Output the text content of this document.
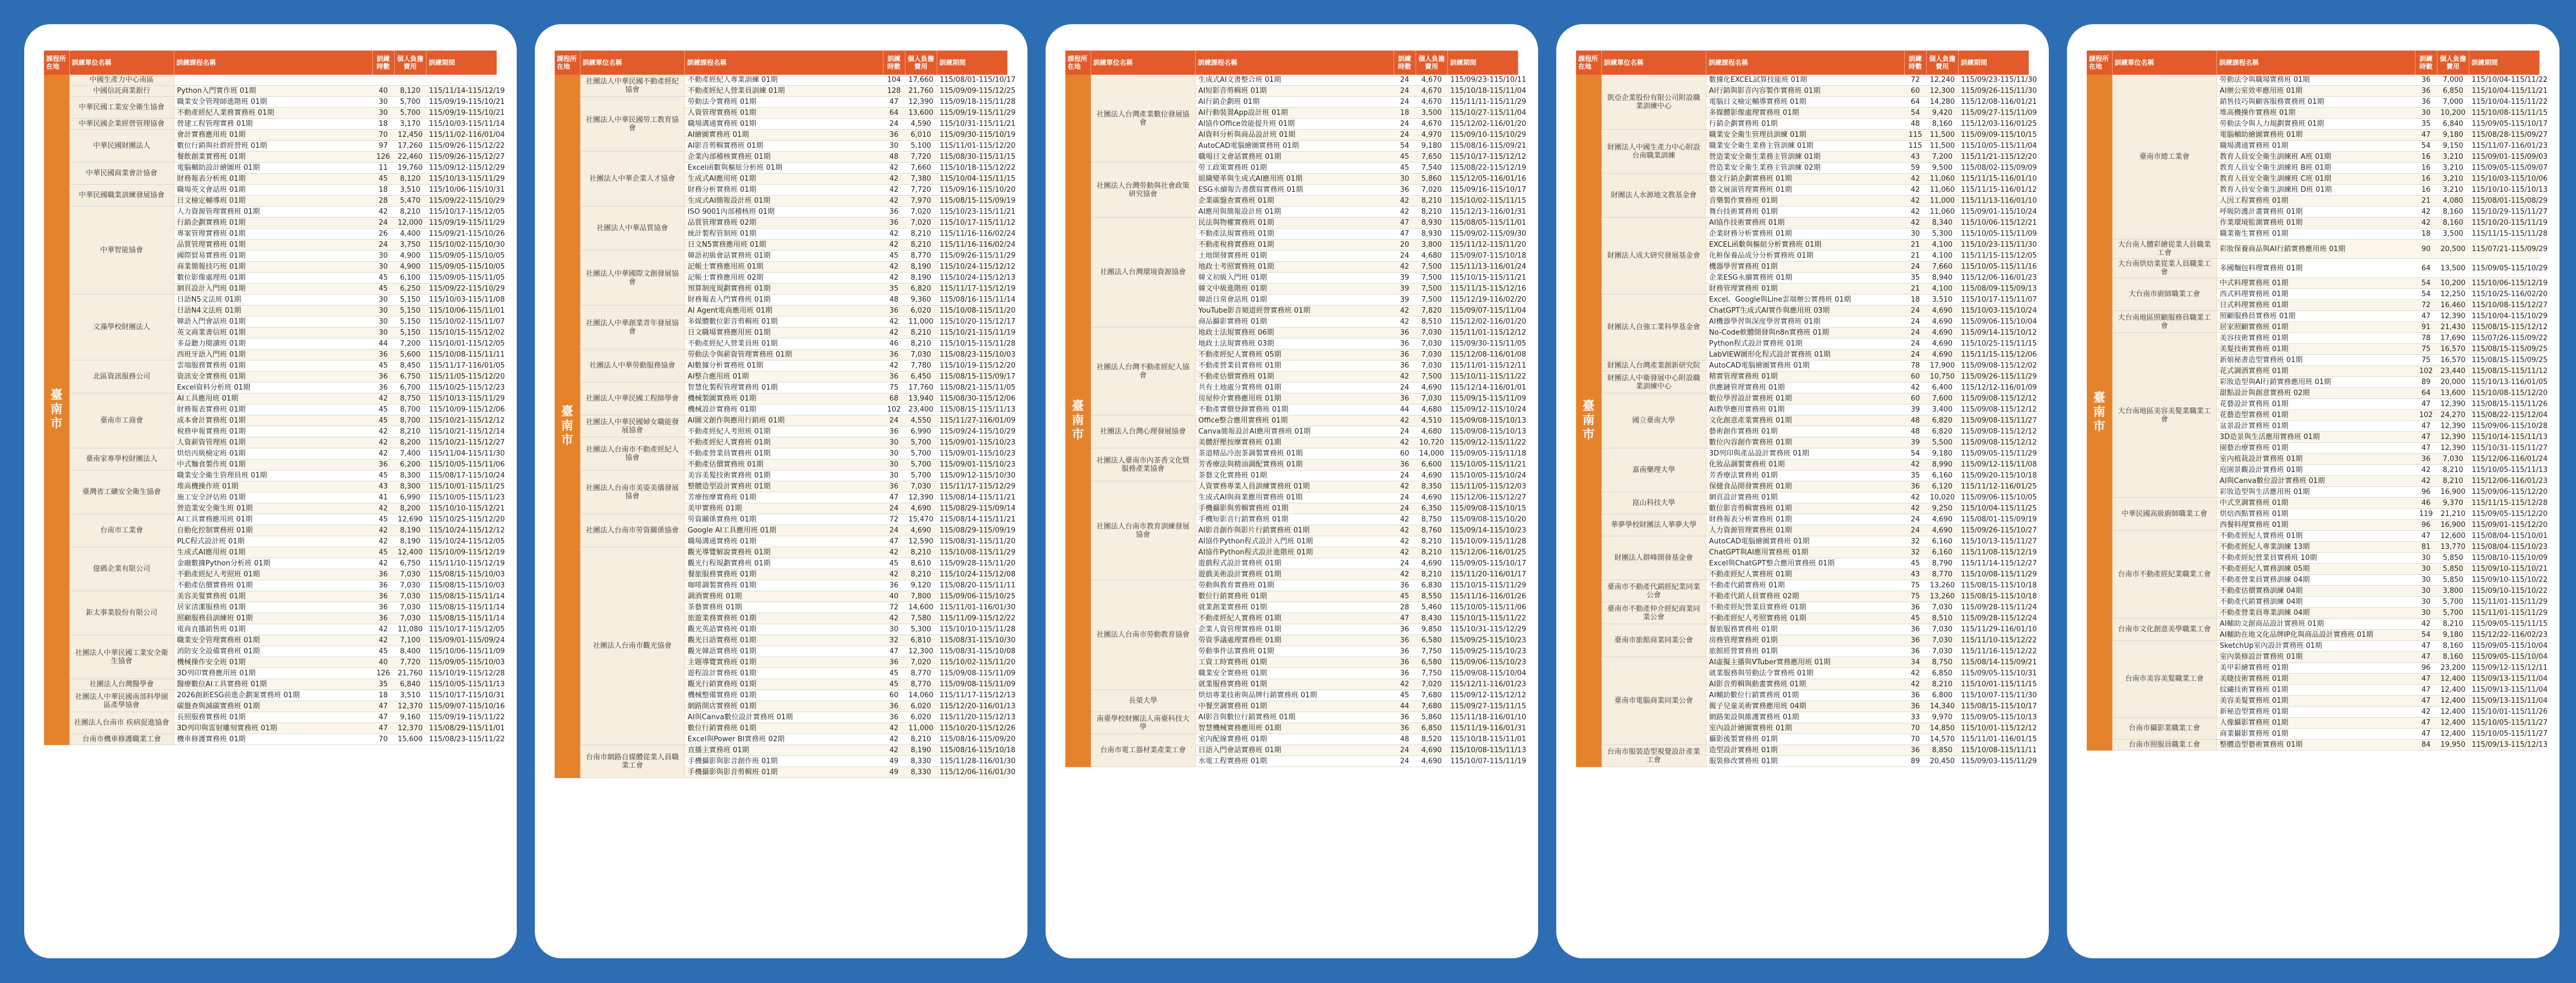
課程所在地	訓練單位名稱	訓練課程名稱	訓練時數	個人負擔費用	訓練期間
臺南市	中國生產力中心南區				
	中國信託商業銀行	Python入門實作班 01期	40	8,120	115/11/14-115/12/19
	中華民國工業安全衛生協會	職業安全管理師進階班 01期	30	5,700	115/09/19-115/10/21
		不動產經紀人業務實務班 01期	30	5,700	115/09/19-115/10/21
	中華民國企業經營管理協會	營建工程管理實務 01期	18	3,170	115/10/03-115/11/14
	中華民國財團法人	會計實務應用班 01期	70	12,450	115/11/02-116/01/04
		數位行銷與社群經營班 01期	97	17,260	115/09/26-115/12/22
		餐飲創業實務班 01期	126	22,460	115/09/26-115/12/27
	中華民國商業會計協會	電腦輔助設計繪圖班 01期	11	19,760	115/09/12-115/12/29
		財務報表分析班 01期	45	8,120	115/10/13-115/11/29
	中華民國職業訓練發展協會	職場英文會話班 01期	18	3,510	115/10/06-115/10/31
		日文檢定輔導班 01期	28	5,470	115/09/22-115/10/29
	中華智能協會	人力資源管理實務班 01期	42	8,210	115/10/17-115/12/05
		行銷企劃實務班 01期	24	12,000	115/09/19-115/11/29
		專案管理實務班 01期	26	4,400	115/09/21-115/10/26
		品質管理實務班 01期	24	3,750	115/10/02-115/10/30
		國際貿易實務班 01期	30	4,900	115/09/05-115/10/05
		商業簡報技巧班 01期	30	4,900	115/09/05-115/10/05
		數位影像處理班 01期	45	6,100	115/09/05-115/11/05
		網頁設計入門班 01期	45	6,250	115/09/22-115/10/29
	文藻學校財團法人	日語N5文法班 01期	30	5,150	115/10/03-115/11/08
		日語N4文法班 01期	30	5,150	115/10/06-115/11/01
		韓語入門會話班 01期	30	5,150	115/10/02-115/11/07
		英文商業書信班 01期	30	5,150	115/10/15-115/12/02
		多益聽力閱讀班 01期	44	7,200	115/10/01-115/12/05
		西班牙語入門班 01期	36	5,600	115/10/08-115/11/11
	北區資訊服務公司	雲端服務實務班 01期	45	8,450	115/11/17-116/01/05
		資訊安全實務班 01期	36	6,750	115/11/05-115/12/20
		Excel資料分析班 01期	36	6,700	115/10/25-115/12/23
	臺南市工商會	AI工具應用班 01期	42	8,750	115/10/13-115/11/29
		財務報表實務班 01期	45	8,700	115/10/09-115/12/06
		成本會計實務班 01期	45	8,700	115/10/21-115/12/12
		稅務申報實務班 01期	42	8,210	115/10/21-115/12/14
		人資薪資管理班 01期	42	8,200	115/10/21-115/12/27
	臺南家專學校財團法人	烘焙丙級檢定班 01期	42	7,400	115/11/04-115/11/30
		中式麵食製作班 01期	36	6,200	115/10/05-115/11/06
	臺灣省工礦安全衛生協會	職業安全衛生管理員班 01期	45	8,300	115/08/17-115/10/24
		堆高機操作班 01期	43	8,300	115/10/01-115/11/25
		施工安全評估班 01期	41	6,990	115/10/05-115/11/23
		營造業安全衛生班 01期	42	8,200	115/10/10-115/12/21
	台南市工業會	AI工具實務應用班 01期	45	12,690	115/10/25-115/12/20
		自動化控制實務班 01期	42	8,190	115/10/24-115/12/12
		PLC程式設計班 01期	42	8,190	115/10/24-115/12/05
	億碼企業有限公司	生成式AI應用班 01期	45	12,400	115/10/09-115/12/19
		金融數據Python分析班 01期	42	6,750	115/11/10-115/12/19
		不動產經紀人考照班 01期	36	7,030	115/08/15-115/10/03
		不動產估價實務班 01期	36	7,030	115/08/15-115/10/03
	鉅太事業股份有限公司	美容美髮實務班 01期	36	7,030	115/08/15-115/11/14
		居家清潔服務班 01期	36	7,030	115/08/15-115/11/14
		照顧服務員訓練班 01期	36	7,030	115/08/15-115/11/14
		電商直播銷售班 01期	42	11,080	115/10/17-115/12/05
	社團法人中華民國工業安全衛生協會	職業安全管理實務班 01期	42	7,100	115/09/01-115/09/24
		消防安全設備實務班 01期	45	8,400	115/10/06-115/11/09
		機械操作安全班 01期	40	7,720	115/09/05-115/10/03
		3D列印實務應用班 01期	126	21,760	115/10/19-115/12/28
	社團法人台灣醫學會	醫療數位AI工具實務班 01期	35	6,840	115/10/05-115/11/13
	社團法人中華民國南部科學園區產學協會	2026創新ESG前進企劃案實務班 01期	18	3,510	115/10/17-115/10/31
		碳盤查與減碳實務班 01期	47	12,370	115/09/07-115/10/16
	社團法人台南市 疾病促進協會	長照服務實務班 01期	47	9,160	115/09/19-115/11/22
		3D列印與雷射雕刻實務班 01期	47	12,370	115/08/29-115/11/01
	台南市機車修護職業工會	機車修護實務班 01期	70	15,600	115/08/23-115/11/22
課程所在地	訓練單位名稱	訓練課程名稱	訓練時數	個人負擔費用	訓練期間
臺南市	社團法人中華民國不動產經紀協會	不動產經紀人專業訓練 01期	104	17,660	115/08/01-115/10/17
		不動產經紀人營業員訓練 01期	128	21,760	115/09/09-115/12/25
	社團法人中華民國勞工教育協會	勞動法令實務班 01期	47	12,390	115/09/18-115/11/28
		人資管理實務班 01期	64	13,600	115/09/19-115/11/29
		職場溝通實務班 01期	24	4,590	115/10/31-115/11/21
		AI繪圖實務班 01期	36	6,010	115/09/30-115/10/19
		AI影音剪輯實務班 01期	30	5,100	115/11/01-115/12/20
	社團法人中華企業人才協會	企業內部稽核實務班 01期	48	7,720	115/08/30-115/11/15
		Excel函數與樞紐分析班 01期	42	7,660	115/10/18-115/12/22
		生成式AI應用班 01期	42	7,380	115/10/04-115/11/15
		財務分析實務班 01期	42	7,720	115/09/16-115/10/20
		生成式AI簡報設計班 01期	42	7,970	115/08/15-115/09/19
	社團法人中華品質協會	ISO 9001內部稽核班 01期	36	7,020	115/10/23-115/11/21
		品質管理實務班 02期	36	7,020	115/10/17-115/11/12
		統計製程管制班 01期	42	8,210	115/11/16-116/02/24
		日文N5實務應用班 01期	42	8,210	115/11/16-116/02/24
	社團法人中華國際文創發展協會	韓語初級會話實務班 01期	45	8,770	115/09/26-115/11/29
		記帳士實務應用班 01期	42	8,190	115/10/24-115/12/12
		記帳士實務應用班 02期	42	8,190	115/10/24-115/12/13
		預算制度規劃實務班 01期	35	6,820	115/11/17-115/12/19
		財務報表入門實務班 01期	48	9,360	115/08/16-115/11/14
	社團法人中華創業青年發展協會	AI Agent電商應用班 01期	36	6,020	115/10/08-115/11/20
		多媒體數位影音剪輯班 01期	42	11,000	115/10/20-115/12/17
		日文職場實務應用班 01期	42	8,210	115/10/21-115/11/19
		不動產經紀人營業員班 01期	46	8,210	115/10/15-115/11/28
	社團法人中華勞動服務協會	勞動法令與薪資管理實務班 01期	36	7,030	115/08/23-115/10/03
		AI數據分析實務班 01期	42	7,780	115/10/19-115/12/20
		AI整合應用班 01期	36	6,450	115/08/15-115/09/17
	社團法人中華民國工程師學會	智慧化製程管理實務班 01期	75	17,760	115/08/21-115/11/05
		機械製圖實務班 01期	68	13,940	115/08/30-115/12/06
		機械設計實務班 01期	102	23,400	115/08/15-115/11/13
	社團法人中華民國婦女職能發展協會	AI圖文創作與應用行銷班 01期	24	4,550	115/11/27-116/01/09
		不動產經紀人考照班 01期	36	6,990	115/09/24-115/10/29
	社團法人台南市不動產經紀人協會	不動產經紀人實務班 01期	30	5,700	115/09/01-115/10/23
		不動產營業員實務班 01期	30	5,700	115/09/01-115/10/23
		不動產估價實務班 01期	30	5,700	115/09/01-115/10/23
	社團法人台南市美姿美儀發展協會	美容美髮技術實務班 01期	30	5,700	115/09/12-115/10/30
		整體造型設計實務班 01期	36	7,030	115/11/17-115/12/29
		芳療按摩實務班 01期	47	12,390	115/08/14-115/11/21
		美甲實務班 01期	24	4,690	115/08/29-115/09/14
	社團法人台南市勞資關係協會	勞資關係實務班 01期	72	15,470	115/08/14-115/11/21
		Google AI工具應用班 01期	24	4,690	115/08/29-115/09/19
		職場溝通實務班 01期	47	12,590	115/08/31-115/11/20
	社團法人台南市觀光協會	觀光導覽解說實務班 01期	42	8,210	115/10/08-115/11/29
		觀光行程規劃實務班 01期	45	8,610	115/09/28-115/11/20
		餐旅服務實務班 01期	42	8,210	115/10/24-115/12/08
		咖啡調製實務班 01期	36	9,120	115/08/20-115/11/11
		調酒實務班 01期	40	7,800	115/09/06-115/10/25
		茶藝實務班 01期	72	14,600	115/11/01-116/01/30
		旅遊業務實務班 01期	42	7,580	115/11/09-115/12/22
		觀光英語實務班 01期	30	5,300	115/10/10-115/11/28
		觀光日語實務班 01期	32	6,810	115/08/31-115/10/30
		觀光韓語實務班 01期	47	12,300	115/08/31-115/10/08
		主題導覽實務班 01期	36	7,020	115/10/02-115/11/20
		遊程設計實務班 01期	45	8,770	115/09/08-115/11/09
		觀光行銷實務班 01期	45	8,770	115/09/08-115/11/09
		機械整備實務班 01期	60	14,060	115/11/17-115/12/13
		網路開店實務班 01期	36	6,020	115/12/20-116/01/13
		AI與Canva數位設計實務班 01期	36	6,020	115/11/20-115/12/13
		數位行銷實務班 01期	42	11,000	115/10/20-115/12/26
		Excel與Power BI實務班 02期	42	8,210	115/08/16-115/09/20
	台南市網路自媒體從業人員職業工會	直播主實務班 01期	42	8,190	115/08/16-115/10/18
		手機攝影與影音創作班 01期	49	8,330	115/11/28-116/01/30
		手機攝影與影音剪輯班 01期	49	8,330	115/12/06-116/01/30
課程所在地	訓練單位名稱	訓練課程名稱	訓練時數	個人負擔費用	訓練期間
臺南市	社團法人台灣產業數位發展協會	生成式AI文書整合班 01期	24	4,670	115/09/23-115/10/11
		AI短影音剪輯班 01期	24	4,670	115/10/18-115/11/04
		AI行銷企劃班 01期	24	4,670	115/11/11-115/11/29
		AI行動裝置App設計班 01期	18	3,500	115/10/27-115/11/04
		AI協作Office效能提升班 01期	24	4,670	115/12/02-116/01/20
		AI資料分析與商品設計班 01期	24	4,970	115/09/10-115/10/29
		AutoCAD電腦繪圖實務班 01期	54	9,180	115/08/16-115/09/21
		職場日文會話實務班 01期	45	7,650	115/10/17-115/12/12
	社團法人台灣勞動與社會政策研究協會	勞工政策實務班 01期	45	7,540	115/08/22-115/12/19
		組織變革與生成式AI應用班 01期	30	5,860	115/12/05-116/01/16
		ESG永續報告書撰寫實務班 01期	36	7,020	115/09/16-115/10/17
		企業碳盤查實務班 01期	42	8,210	115/10/02-115/11/15
		AI應用與簡報設計班 01期	42	8,210	115/12/13-116/01/31
	社團法人台灣環境資源協會	民法與物權實務班 01期	47	8,930	115/08/05-115/11/01
		不動產法規實務班 01期	47	8,930	115/09/02-115/09/30
		不動產稅務實務班 01期	20	3,800	115/11/12-115/11/20
		土地開發實務班 01期	24	4,680	115/09/07-115/10/18
		地政士考照實務班 01期	42	7,500	115/11/13-116/01/24
		韓文初級入門班 01期	39	7,500	115/10/15-115/11/21
		韓文中級進階班 01期	39	7,500	115/11/15-115/12/16
		韓語日常會話班 01期	39	7,500	115/12/19-116/02/20
		YouTube影音頻道經營實務班 01期	42	7,820	115/09/07-115/11/04
		商品攝影實務班 01期	42	8,510	115/12/02-116/01/20
	社團法人台灣不動產經紀人協會	地政士法規實務班 06期	36	7,030	115/11/01-115/12/12
		地政士法規實務班 03期	36	7,030	115/09/30-115/11/05
		不動產經紀人實務班 05期	36	7,030	115/12/08-116/01/08
		不動產營業員實務班 01期	36	7,030	115/11/01-115/12/11
		不動產估價實務班 01期	42	7,500	115/10/11-115/11/22
		共有土地處分實務班 01期	24	4,690	115/12/14-116/01/01
		房屋仲介實務應用班 01期	36	7,030	115/09/15-115/11/09
		不動產實價登錄實務班 01期	44	4,680	115/09/12-115/10/24
	社團法人台灣心理發展協會	Office整合應用實務班 01期	42	4,510	115/09/08-115/10/13
		Canva簡報設計AI應用實務班 01期	24	4,680	115/09/08-115/10/13
		美體舒壓按摩實務班 01期	42	10,720	115/09/12-115/11/22
	社團法人臺南市內茶香文化暨服務產業協會	茶道精品冷泡茶調製實務班 01期	60	14,000	115/09/05-115/11/18
		芳香療法與精油調配實務班 01期	36	6,600	115/10/05-115/11/21
		茶藝文化實務班 01期	24	4,690	115/10/05-115/10/24
	社團法人台南市教育訓練發展協會	人資實務專業人員訓練實務班 01期	42	8,350	115/11/05-115/12/03
		生成式AI與商業應用實務班 01期	24	4,690	115/12/06-115/12/27
		手機攝影與剪輯實務班 01期	24	6,350	115/09/08-115/10/15
		手機短影音行銷實務班 01期	42	8,750	115/09/08-115/10/20
		AI影音創作與影片行銷實務班 01期	42	8,760	115/09/14-115/10/23
		AI協作Python程式設計入門班 01期	42	8,210	115/10/09-115/11/28
		AI協作Python程式設計進階班 01期	42	8,210	115/12/06-116/01/25
		遊戲程式設計實務班 01期	24	4,690	115/09/05-115/10/17
		遊戲美術設計實務班 01期	42	8,210	115/11/20-116/01/17
	社團法人台南市勞動教育協會	勞動與教育實務班 01期	36	6,830	115/10/15-115/11/29
		數位行銷實務班 01期	45	8,550	115/11/16-116/01/26
		就業創業實務班 01期	28	5,460	115/10/05-115/11/06
		不動產經紀人實務班 01期	47	8,430	115/10/15-115/11/22
		企業人資管理實務班 01期	36	9,850	115/10/31-115/12/29
		勞資爭議處理實務班 01期	36	6,580	115/09/25-115/10/23
		勞動事件法實務班 01期	36	7,750	115/09/25-115/10/23
		工資工時實務班 01期	36	6,580	115/09/06-115/10/23
		職業安全實務班 01期	36	7,750	115/09/08-115/10/04
		就業服務實務班 01期	42	7,020	115/12/11-116/01/23
	長榮大學	烘焙專業技術與品牌行銷實務班 01期	45	7,680	115/09/12-115/12/12
		中餐烹調實務班 01期	44	7,680	115/09/27-115/11/15
	南臺學校財團法人南臺科技大學	AI影音與數位行銷實務班 01期	36	5,860	115/11/18-116/01/10
		智慧機械實務應用班 01期	36	6,850	115/11/19-116/01/31
	台南市電工器材業產業工會	室內配線實務班 01期	48	8,520	115/10/18-115/11/01
		日語入門會話實務班 01期	24	4,690	115/10/08-115/11/13
		水電工程實務班 01期	24	4,690	115/10/07-115/11/19
課程所在地	訓練單位名稱	訓練課程名稱	訓練時數	個人負擔費用	訓練期間
臺南市	凱亞企業股份有限公司附設職業訓練中心	數據化EXCEL試算技能班 01期	72	12,240	115/09/23-115/11/30
		AI行銷與影音內容製作實務班 01期	60	12,300	115/09/26-115/11/30
		電腦日文檢定輔導實務班 01期	64	14,280	115/12/08-116/01/21
		多媒體影像處理實務班 01期	54	9,420	115/09/27-115/11/09
		行銷企劃實務班 01期	48	8,160	115/12/03-116/01/25
	財團法人中國生產力中心附設台南職業訓練	職業安全衛生管理員訓練 01期	115	11,500	115/09/09-115/10/15
		職業安全衛生業務主管訓練 01期	115	11,500	115/10/05-115/11/04
		營造業安全衛生業務主管訓練 01期	43	7,200	115/11/21-115/12/20
		營造業安全衛生業務主管訓練 02期	59	9,500	115/08/02-115/09/09
	財團法人水源地文教基金會	藝文行銷企劃實務班 01期	42	11,060	115/11/15-116/01/10
		藝文展演管理實務班 01期	42	11,060	115/11/15-116/01/12
		音樂製作實務班 01期	42	11,000	115/11/13-116/01/10
		舞台技術實務班 01期	42	11,060	115/09/01-115/10/24
	財團法人成大研究發展基金會	AI協作技術實務班 01期	42	8,340	115/10/06-115/12/21
		企業財務分析實務班 01期	30	5,300	115/10/05-115/11/09
		EXCEL函數與樞紐分析實務班 01期	21	4,100	115/10/23-115/11/30
		化粧保養品成分分析實務班 01期	21	4,100	115/11/15-115/12/05
		機器學習實務班 01期	24	7,660	115/10/05-115/11/16
		企業ESG永續實務班 01期	35	8,940	115/12/06-116/01/23
		財務管理實務班 01期	21	4,100	115/08/09-115/09/13
	財團法人自強工業科學基金會	Excel、Google與Line雲端辦公實務班 01期	18	3,510	115/10/17-115/11/07
		ChatGPT生成式AI實作與應用班 03期	24	4,690	115/10/03-115/10/24
		AI機器學習與深度學習實務班 01期	24	4,690	115/09/06-115/10/04
		No-Code軟體開發與n8n實務班 01期	24	4,690	115/09/14-115/10/12
		Python程式設計實務班 01期	24	4,690	115/10/25-115/11/15
		LabVIEW圖形化程式設計實務班 01期	24	4,690	115/11/15-115/12/06
	財團法人台灣產業創新研究院	AutoCAD電腦繪圖實務班 01期	78	17,900	115/09/08-115/12/02
	財團法人中衛發展中心附設職業訓練中心	精實管理實務班 01期	60	10,750	115/09/26-115/11/29
		供應鏈管理實務班 01期	42	6,400	115/12/12-116/01/09
	國立臺南大學	數位學習設計實務班 01期	60	7,600	115/09/08-115/12/12
		AI教學應用實務班 01期	39	3,400	115/09/08-115/12/12
		文化創意產業實務班 01期	48	6,820	115/09/08-115/11/27
		藝術創作實務班 01期	48	6,820	115/09/08-115/12/12
		數位內容創作實務班 01期	39	5,500	115/09/08-115/12/12
	嘉南藥理大學	3D列印與產品設計實務班 01期	54	9,180	115/09/05-115/11/29
		化妝品調製實務班 01期	42	8,990	115/09/12-115/11/08
		芳香療法實務班 01期	35	6,160	115/09/20-115/10/18
		保健食品開發實務班 01期	36	6,120	115/11/12-116/01/25
	崑山科技大學	網頁設計實務班 01期	42	10,020	115/09/06-115/10/05
		數位影音剪輯實務班 01期	42	9,250	115/10/04-115/11/25
	華夢學校財團法人華夢大學	財務報表分析實務班 01期	24	4,690	115/08/01-115/09/19
		人力資源管理實務班 01期	24	4,690	115/09/26-115/10/27
	財團法人群峰開發基金會	AutoCAD電腦繪圖實務班 01期	32	6,160	115/10/13-115/11/27
		ChatGPT與AI應用實務班 01期	32	6,160	115/11/08-115/12/19
		Excel與ChatGPT整合應用實務班 01期	45	8,790	115/11/14-115/12/27
		不動產經紀人實務班 01期	43	8,770	115/10/08-115/11/29
	臺南市不動產代銷經紀業同業公會	不動產代銷實務班 01期	75	13,260	115/08/15-115/10/18
		不動產代銷人員實務班 02期	75	13,260	115/08/15-115/10/18
	臺南市不動產仲介經紀商業同業公會	不動產經紀營業員實務班 01期	36	7,030	115/09/28-115/11/24
		不動產經紀人考照實務班 01期	45	8,510	115/09/28-115/12/24
	臺南市旅館商業同業公會	餐旅服務實務班 01期	36	7,030	115/11/29-116/01/10
		房務管理實務班 01期	36	7,030	115/11/10-115/12/22
		旅館經營實務班 01期	36	7,030	115/11/16-115/12/22
	臺南市電腦商業同業公會	AI虛擬主播與VTuber實務應用班 01期	34	8,750	115/08/14-115/09/21
		就業服務與勞動法令實務班 01期	42	6,850	115/09/05-115/10/31
		AI影音剪輯與動畫實務班 01期	42	8,210	115/10/01-115/11/15
		AI輔助數位行銷實務班 01期	36	6,800	115/10/07-115/11/30
		親子兒童美術實務應用班 04期	36	14,340	115/08/15-115/10/17
		網路架設與維護實務班 01期	33	9,970	115/09/05-115/10/13
		室內設計繪圖實務班 01期	70	14,850	115/10/01-115/12/12
		攝影後製實務班 01期	70	14,570	115/11/01-116/01/15
	台南市服裝造型視覺設計產業工會	造型設計實務班 01期	36	8,850	115/10/08-115/11/11
		服裝修改實務班 01期	89	20,450	115/09/03-115/11/29
課程所在地	訓練單位名稱	訓練課程名稱	訓練時數	個人負擔費用	訓練期間
臺南市	臺南市總工業會	勞動法令與職場實務班 01期	36	7,000	115/10/04-115/11/22
		AI辦公室效率應用班 01期	36	6,850	115/10/04-115/11/21
		銷售技巧與顧客服務實務班 01期	36	7,000	115/10/04-115/11/22
		堆高機操作實務班 01期	30	10,200	115/10/08-115/11/15
		勞動法令與人力規劃實務班 01期	35	6,840	115/09/05-115/10/17
		電腦輔助繪圖實務班 01期	47	9,180	115/08/28-115/09/27
		職場溝通實務班 01期	54	9,150	115/11/07-116/01/23
		教育人員安全衛生訓練班 A班 01期	16	3,210	115/09/01-115/09/03
		教育人員安全衛生訓練班 B班 01期	16	3,210	115/09/05-115/09/07
		教育人員安全衛生訓練班 C班 01期	16	3,210	115/10/03-115/10/06
		教育人員安全衛生訓練班 D班 01期	16	3,210	115/10/10-115/10/13
		人因工程實務班 01期	21	4,080	115/08/01-115/08/29
		呼吸防護計畫實務班 01期	42	8,160	115/10/29-115/11/27
		作業環境監測實務班 01期	42	8,160	115/10/20-115/11/19
		職業衛生實務班 01期	18	3,500	115/11/15-115/11/28
	大台南人體彩繪從業人員職業工會	彩妝保養商品與AI行銷實務應用班 01期	90	20,500	115/07/21-115/09/29
	大台南烘焙業從業人員職業工會	多國麵包料理實務班 01期	64	13,500	115/09/05-115/10/29
	大台南市廚師職業工會	中式料理實務班 01期	54	10,200	115/10/06-115/12/19
		西式料理實務班 01期	54	12,250	115/10/25-116/02/20
		日式料理實務班 01期	72	16,460	115/10/08-115/12/27
	大台南地區照顧服務員職業工會	照顧服務員實務班 01期	47	12,390	115/10/04-115/10/29
		居家照顧實務班 01期	91	21,430	115/08/15-115/12/12
	大台南地區美容美髮業職業工會	美容技術實務班 01期	78	17,690	115/07/26-115/09/22
		美髮技術實務班 01期	75	16,570	115/08/15-115/09/25
		新娘秘書造型實務班 01期	75	16,570	115/08/15-115/09/25
		花式調酒實務班 01期	102	23,440	115/08/15-115/11/12
		彩妝造型與AI行銷實務應用班 01期	89	20,000	115/10/13-116/01/05
		甜點設計與創意實務班 02期	64	13,600	115/10/08-115/12/20
		花藝設計實務班 01期	47	12,390	115/08/15-115/11/26
		花藝造型實務班 01期	102	24,270	115/08/22-115/12/04
		盆景設計實務班 01期	47	12,390	115/09/06-115/10/28
		3D造景與生活應用實務班 01期	47	12,390	115/10/14-115/11/13
		園藝治療實務班 01期	47	12,390	115/10/31-115/11/27
		室內植栽設計實務班 01期	36	7,030	115/12/06-116/01/24
		庭園景觀設計實務班 01期	42	8,210	115/10/05-115/11/13
		AI與Canva數位設計實務班 01期	42	8,210	115/12/06-116/01/23
		彩妝造型與生活應用班 01期	96	16,900	115/09/06-115/12/20
	中華民國高級廚師職業工會	中式烹調實務班 01期	46	9,370	115/11/15-115/12/28
		烘焙西點實務班 01期	119	21,210	115/09/05-115/12/20
		西餐料理實務班 01期	96	16,900	115/09/01-115/12/20
	台南市不動產經紀業職業工會	不動產經紀人實務班 01期	47	12,600	115/08/04-115/10/01
		不動產經紀人專業訓練 13期	81	13,770	115/08/04-115/10/23
		不動產經紀營業員實務班 10期	30	5,850	115/08/10-115/10/09
		不動產經紀人實務訓練 05期	30	5,850	115/09/10-115/10/21
		不動產營業員實務訓練 04期	30	5,850	115/09/10-115/10/22
		不動產估價實務訓練 04期	30	3,800	115/09/10-115/10/22
		不動產代銷實務訓練 04期	30	5,700	115/11/01-115/11/29
		不動產營業員專業訓練 04期	30	5,700	115/11/01-115/11/29
	台南市文化創意美學職業工會	AI輔助文創商品設計實務班 01期	42	8,210	115/09/05-115/11/15
		AI輔助在地文化品牌IP化與商品設計實務班 01期	54	9,180	115/12/22-116/02/23
	台南市美容美髮職業工會	SketchUp室內設計實務班 01期	47	8,160	115/09/05-115/10/04
		室內裝修設計實務班 01期	47	8,160	115/09/05-115/10/04
		美甲彩繪實務班 01期	96	23,200	115/09/12-115/12/11
		美睫技術實務班 01期	47	12,400	115/09/13-115/11/04
		紋繡技術實務班 01期	47	12,400	115/09/13-115/11/04
		美容美髮實務班 01期	47	12,400	115/09/13-115/11/04
		新秘造型實務班 01期	42	12,400	115/10/01-115/11/26
	台南市攝影業職業工會	人像攝影實務班 01期	47	12,400	115/10/05-115/11/27
		商業攝影實務班 01期	47	12,400	115/10/05-115/11/27
	台南市照服員職業工會	整體造型藝術實務班 01期	84	19,950	115/09/13-115/12/13
